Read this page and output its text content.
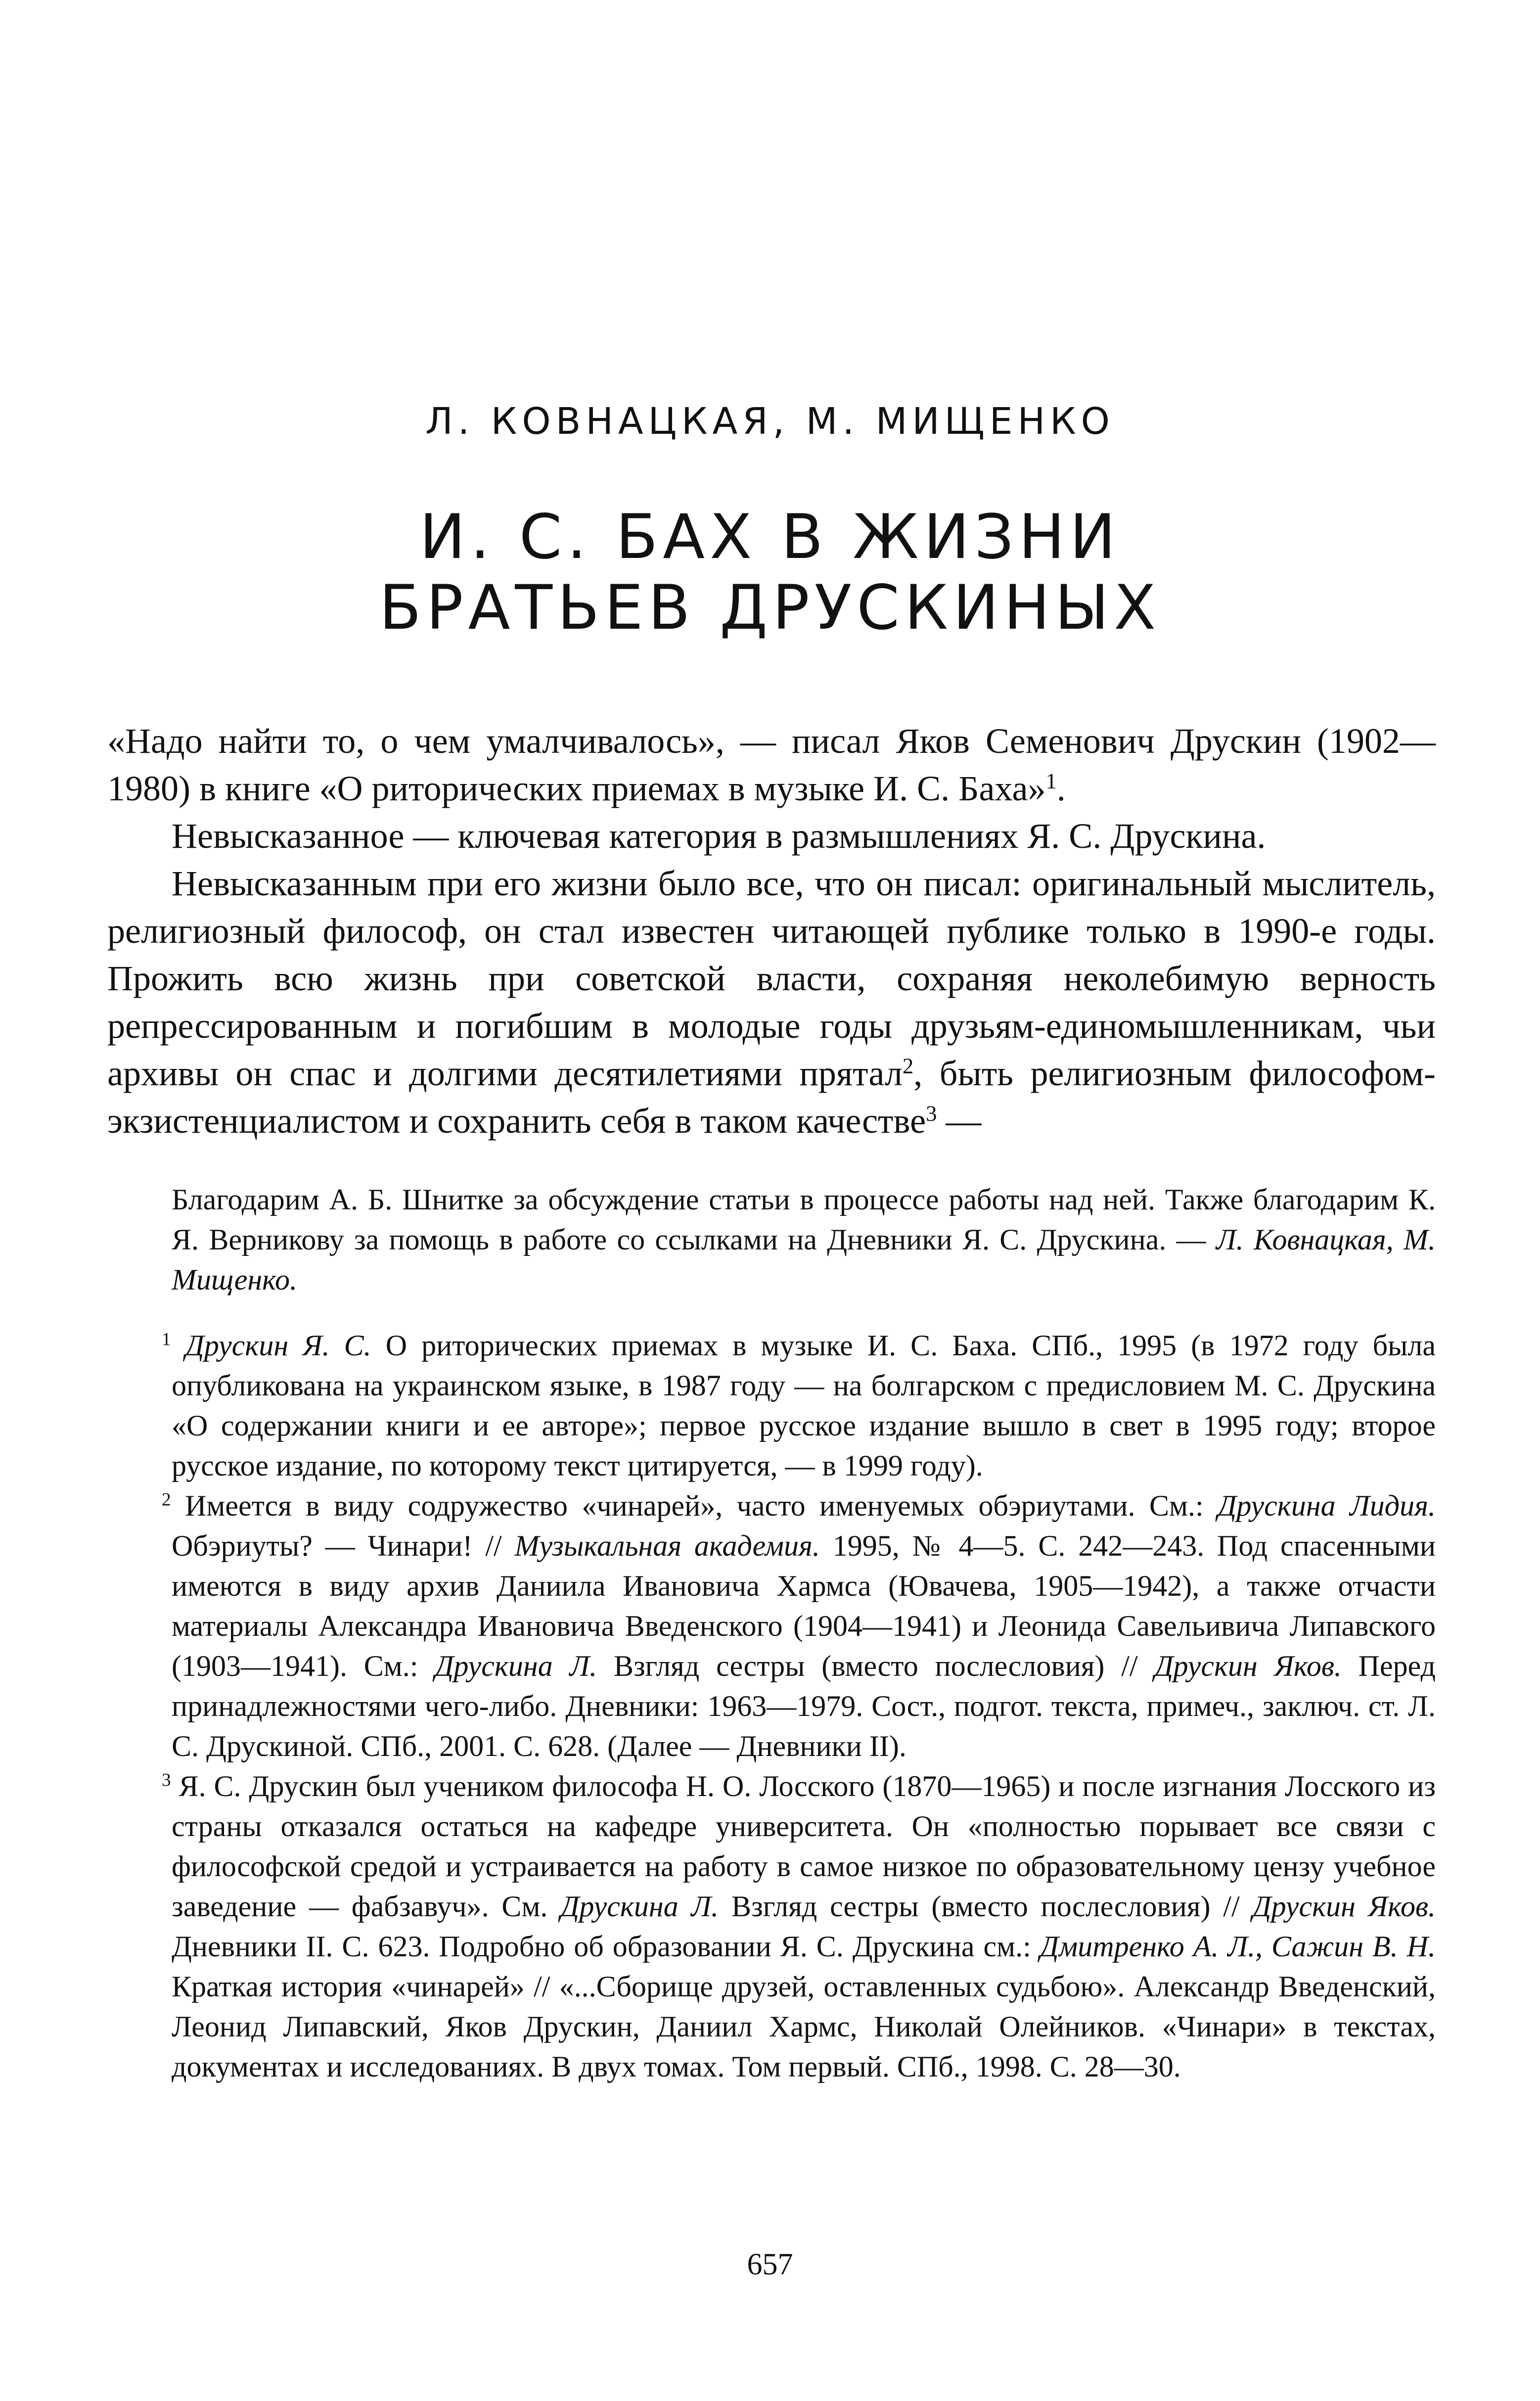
Л. КОВНАЦКАЯ, М. МИЩЕНКО
И. С. БАХ В ЖИЗНИ
БРАТЬЕВ ДРУСКИНЫХ

«Надо найти то, о чем умалчивалось», — писал Яков Семенович Друскин (1902—1980) в книге «О риторических приемах в музыке И. С. Баха»$^1$.

Невысказанное — ключевая категория в размышлениях Я. С. Друскина.

Невысказанным при его жизни было все, что он писал: оригинальный мыслитель, религиозный философ, он стал известен читающей публике только в 1990-е годы. Прожить всю жизнь при советской власти, сохраняя неколебимую верность репрессированным и погибшим в молодые годы друзьям-единомышленникам, чьи архивы он спас и долгими десятилетиями прятал$^2$, быть религиозным философом-экзистенциалистом и сохранить себя в таком качестве$^3$ —

Благодарим А. Б. Шнитке за обсуждение статьи в процессе работы над ней. Также благодарим К. Я. Верникову за помощь в работе со ссылками на Дневники Я. С. Друскина. — Л. Ковнацкая, М. Мищенко.

$^1$ Друскин Я. С. О риторических приемах в музыке И. С. Баха. СПб., 1995 (в 1972 году была опубликована на украинском языке, в 1987 году — на болгарском с предисловием М. С. Друскина «О содержании книги и ее авторе»; первое русское издание вышло в свет в 1995 году; второе русское издание, по которому текст цитируется, — в 1999 году).

$^2$ Имеется в виду содружество «чинарей», часто именуемых обэриутами. См.: Друскина Лидия. Обэриуты? — Чинари! // Музыкальная академия. 1995, № 4—5. С. 242—243. Под спасенными имеются в виду архив Даниила Ивановича Хармса (Ювачева, 1905—1942), а также отчасти материалы Александра Ивановича Введенского (1904—1941) и Леонида Савельивича Липавского (1903—1941). См.: Друскина Л. Взгляд сестры (вместо послесловия) // Друскин Яков. Перед принадлежностями чего-либо. Дневники: 1963—1979. Сост., подгот. текста, примеч., заключ. ст. Л. С. Друскиной. СПб., 2001. С. 628. (Далее — Дневники II).

$^3$ Я. С. Друскин был учеником философа Н. О. Лосского (1870—1965) и после изгнания Лосского из страны отказался остаться на кафедре университета. Он «полностью порывает все связи с философской средой и устраивается на работу в самое низкое по образовательному цензу учебное заведение — фабзавуч». См. Друскина Л. Взгляд сестры (вместо послесловия) // Друскин Яков. Дневники II. С. 623. Подробно об образовании Я. С. Друскина см.: Дмитренко А. Л., Сажин В. Н. Краткая история «чинарей» // «...Сборище друзей, оставленных судьбою». Александр Введенский, Леонид Липавский, Яков Друскин, Даниил Хармс, Николай Олейников. «Чинари» в текстах, документах и исследованиях. В двух томах. Том первый. СПб., 1998. С. 28—30.

657
